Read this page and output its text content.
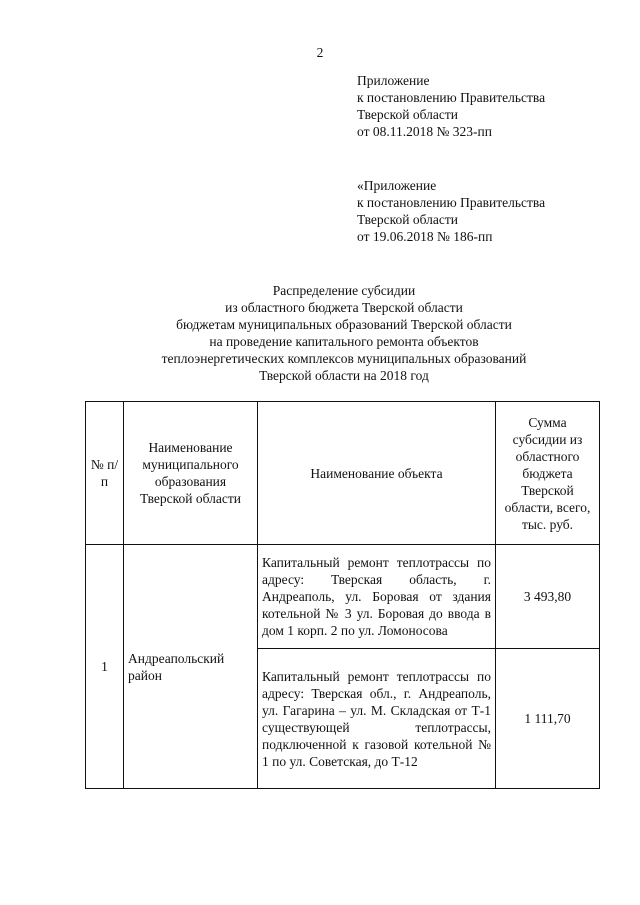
2
Приложение
к постановлению Правительства
Тверской области
от 08.11.2018 № 323-пп
«Приложение
к постановлению Правительства
Тверской области
от 19.06.2018 № 186-пп
Распределение субсидии
из областного бюджета Тверской области
бюджетам муниципальных образований Тверской области
на проведение капитального ремонта объектов
теплоэнергетических комплексов муниципальных образований
Тверской области на 2018 год
№ п/п	Наименование муниципального образования Тверской области	Наименование объекта	Сумма субсидии из областного бюджета Тверской области, всего, тыс. руб.
1	Андреапольский район	Капитальный ремонт теплотрассы по адресу: Тверская область, г. Андреаполь, ул. Боровая от здания котельной № 3 ул. Боровая до ввода в дом 1 корп. 2 по ул. Ломоносова	3 493,80
		Капитальный ремонт теплотрассы по адресу: Тверская обл., г. Андреаполь, ул. Гагарина – ул. М. Складская от Т-1 существующей теплотрассы, подключенной к газовой котельной № 1 по ул. Советская, до Т-12	1 111,70
